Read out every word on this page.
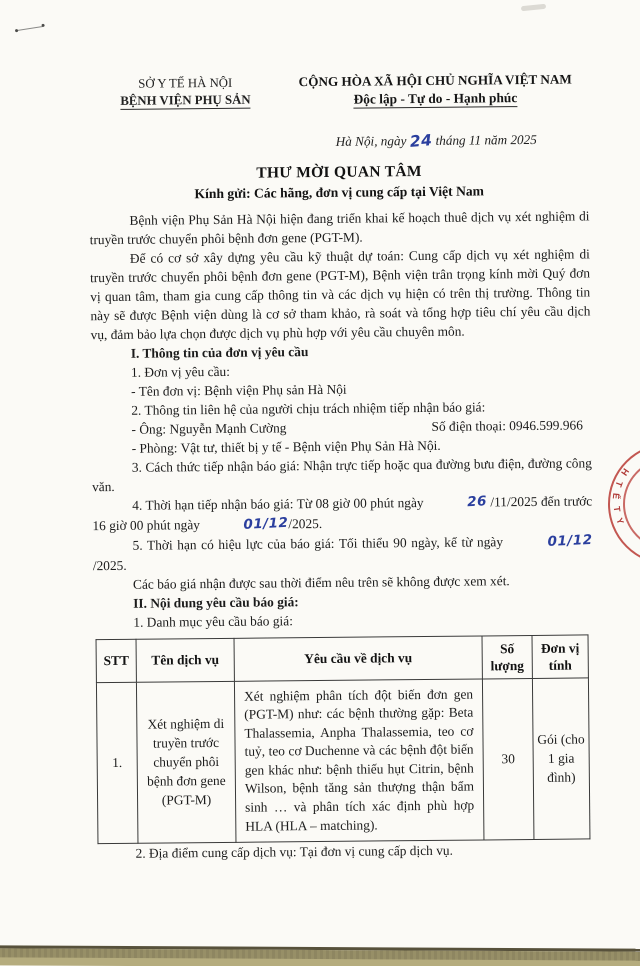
SỞ Y TẾ HÀ NỘI
BỆNH VIỆN PHỤ SẢN
CỘNG HÒA XÃ HỘI CHỦ NGHĨA VIỆT NAM
Độc lập - Tự do - Hạnh phúc
Hà Nội, ngày 24 tháng 11 năm 2025
THƯ MỜI QUAN TÂM
Kính gửi: Các hãng, đơn vị cung cấp tại Việt Nam

Bệnh viện Phụ Sản Hà Nội hiện đang triển khai kế hoạch thuê dịch vụ xét nghiệm di truyền trước chuyển phôi bệnh đơn gene (PGT-M).

Để có cơ sở xây dựng yêu cầu kỹ thuật dự toán: Cung cấp dịch vụ xét nghiệm di truyền trước chuyển phôi bệnh đơn gene (PGT-M), Bệnh viện trân trọng kính mời Quý đơn vị quan tâm, tham gia cung cấp thông tin và các dịch vụ hiện có trên thị trường. Thông tin này sẽ được Bệnh viện dùng là cơ sở tham khảo, rà soát và tổng hợp tiêu chí yêu cầu dịch vụ, đảm bảo lựa chọn được dịch vụ phù hợp với yêu cầu chuyên môn.

I. Thông tin của đơn vị yêu cầu

1. Đơn vị yêu cầu:

- Tên đơn vị: Bệnh viện Phụ sản Hà Nội

2. Thông tin liên hệ của người chịu trách nhiệm tiếp nhận báo giá:

- Ông: Nguyễn Mạnh Cường	Số điện thoại: 0946.599.966

- Phòng: Vật tư, thiết bị y tế - Bệnh viện Phụ Sản Hà Nội.

3. Cách thức tiếp nhận báo giá: Nhận trực tiếp hoặc qua đường bưu điện, đường công văn.

4. Thời hạn tiếp nhận báo giá: Từ 08 giờ 00 phút ngày	26 /11/2025 đến trước 16 giờ 00 phút ngày	01/12/2025.

5. Thời hạn có hiệu lực của báo giá: Tối thiểu 90 ngày, kể từ ngày	01/12/2025.

Các báo giá nhận được sau thời điểm nêu trên sẽ không được xem xét.

II. Nội dung yêu cầu báo giá:

1. Danh mục yêu cầu báo giá:

STT	Tên dịch vụ	Yêu cầu về dịch vụ	Số lượng	Đơn vị tính
1.	Xét nghiệm di truyền trước chuyển phôi bệnh đơn gene (PGT-M)	Xét nghiệm phân tích đột biến đơn gen (PGT-M) như: các bệnh thường gặp: Beta Thalassemia, Anpha Thalassemia, teo cơ tuỷ, teo cơ Duchenne và các bệnh đột biến gen khác như: bệnh thiếu hụt Citrin, bệnh Wilson, bệnh tăng sản thượng thận bẩm sinh … và phân tích xác định phù hợp HLA (HLA – matching).	30	Gói (cho 1 gia đình)

2. Địa điểm cung cấp dịch vụ: Tại đơn vị cung cấp dịch vụ.

Y
T
Ế
T
H
